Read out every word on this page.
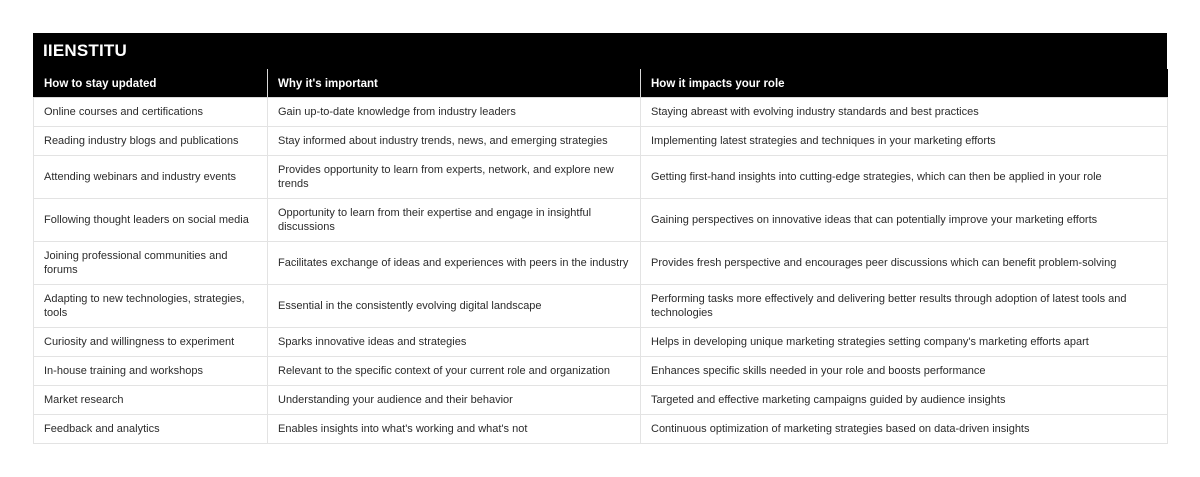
IIENSTITU
How to stay updated	Why it's important	How it impacts your role
Online courses and certifications	Gain up-to-date knowledge from industry leaders	Staying abreast with evolving industry standards and best practices
Reading industry blogs and publications	Stay informed about industry trends, news, and emerging strategies	Implementing latest strategies and techniques in your marketing efforts
Attending webinars and industry events	Provides opportunity to learn from experts, network, and explore new trends	Getting first-hand insights into cutting-edge strategies, which can then be applied in your role
Following thought leaders on social media	Opportunity to learn from their expertise and engage in insightful discussions	Gaining perspectives on innovative ideas that can potentially improve your marketing efforts
Joining professional communities and forums	Facilitates exchange of ideas and experiences with peers in the industry	Provides fresh perspective and encourages peer discussions which can benefit problem-solving
Adapting to new technologies, strategies, tools	Essential in the consistently evolving digital landscape	Performing tasks more effectively and delivering better results through adoption of latest tools and technologies
Curiosity and willingness to experiment	Sparks innovative ideas and strategies	Helps in developing unique marketing strategies setting company's marketing efforts apart
In-house training and workshops	Relevant to the specific context of your current role and organization	Enhances specific skills needed in your role and boosts performance
Market research	Understanding your audience and their behavior	Targeted and effective marketing campaigns guided by audience insights
Feedback and analytics	Enables insights into what's working and what's not	Continuous optimization of marketing strategies based on data-driven insights
